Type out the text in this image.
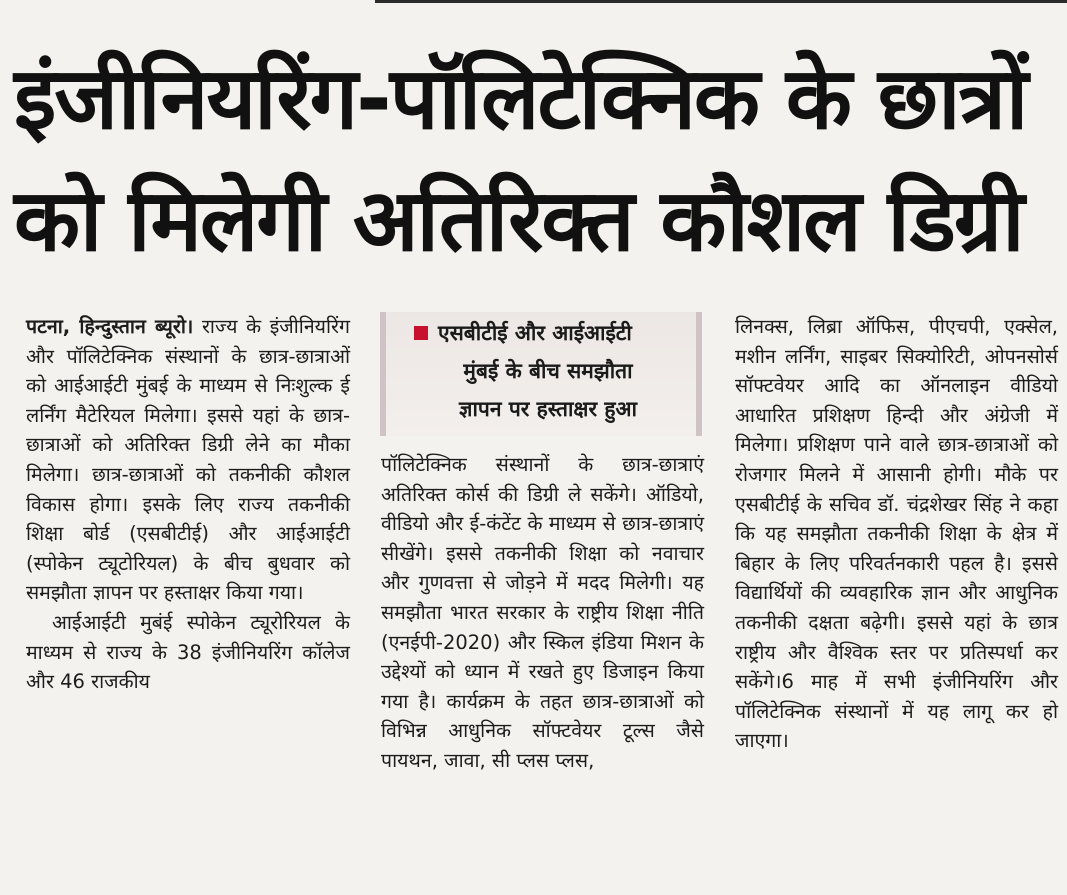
इंजीनियरिंग-पॉलिटेक्निक के छात्रों
को मिलेगी अतिरिक्त कौशल डिग्री

पटना, हिन्दुस्तान ब्यूरो। राज्य के इंजीनियरिंग और पॉलिटेक्निक संस्थानों के छात्र-छात्राओं को आईआईटी मुंबई के माध्यम से निःशुल्क ई लर्निंग मैटेरियल मिलेगा। इससे यहां के छात्र-छात्राओं को अतिरिक्त डिग्री लेने का मौका मिलेगा। छात्र-छात्राओं को तकनीकी कौशल विकास होगा। इसके लिए राज्य तकनीकी शिक्षा बोर्ड (एसबीटीई) और आईआईटी (स्पोकेन ट्यूटोरियल) के बीच बुधवार को समझौता ज्ञापन पर हस्ताक्षर किया गया।

आईआईटी मुबंई स्पोकेन ट्यूरोरियल के माध्यम से राज्य के 38 इंजीनियरिंग कॉलेज और 46 राजकीय

एसबीटीई और आईआईटी
मुंबई के बीच समझौता
ज्ञापन पर हस्ताक्षर हुआ

पॉलिटेक्निक संस्थानों के छात्र-छात्राएं अतिरिक्त कोर्स की डिग्री ले सकेंगे। ऑडियो, वीडियो और ई-कंटेंट के माध्यम से छात्र-छात्राएं सीखेंगे। इससे तकनीकी शिक्षा को नवाचार और गुणवत्ता से जोड़ने में मदद मिलेगी। यह समझौता भारत सरकार के राष्ट्रीय शिक्षा नीति (एनईपी-2020) और स्किल इंडिया मिशन के उद्देश्यों को ध्यान में रखते हुए डिजाइन किया गया है। कार्यक्रम के तहत छात्र-छात्राओं को विभिन्न आधुनिक सॉफ्टवेयर टूल्स जैसे पायथन, जावा, सी प्लस प्लस,

लिनक्स, लिब्रा ऑफिस, पीएचपी, एक्सेल, मशीन लर्निंग, साइबर सिक्योरिटी, ओपनसोर्स सॉफ्टवेयर आदि का ऑनलाइन वीडियो आधारित प्रशिक्षण हिन्दी और अंग्रेजी में मिलेगा। प्रशिक्षण पाने वाले छात्र-छात्राओं को रोजगार मिलने में आसानी होगी। मौके पर एसबीटीई के सचिव डॉ. चंद्रशेखर सिंह ने कहा कि यह समझौता तकनीकी शिक्षा के क्षेत्र में बिहार के लिए परिवर्तनकारी पहल है। इससे विद्यार्थियों की व्यवहारिक ज्ञान और आधुनिक तकनीकी दक्षता बढ़ेगी। इससे यहां के छात्र राष्ट्रीय और वैश्विक स्तर पर प्रतिस्पर्धा कर सकेंगे।6 माह में सभी इंजीनियरिंग और पॉलिटेक्निक संस्थानों में यह लागू कर हो जाएगा।
